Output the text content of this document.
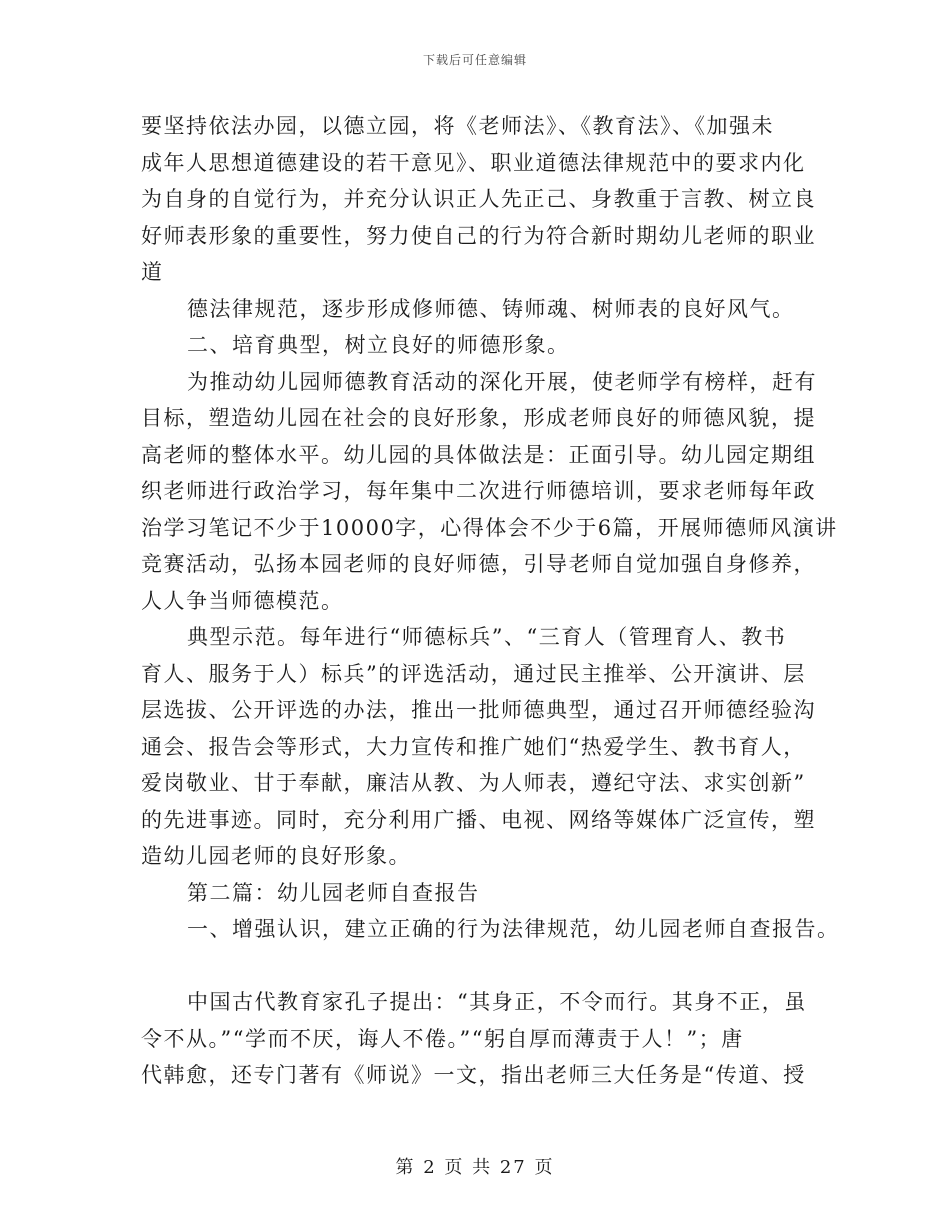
下载后可任意编辑
要坚持依法办园，以德立园，将《老师法》、《教育法》、《加强未
成年人思想道德建设的若干意见》、职业道德法律规范中的要求内化
为自身的自觉行为，并充分认识正人先正己、身教重于言教、树立良
好师表形象的重要性，努力使自己的行为符合新时期幼儿老师的职业
道
德法律规范，逐步形成修师德、铸师魂、树师表的良好风气。
二、培育典型，树立良好的师德形象。
为推动幼儿园师德教育活动的深化开展，使老师学有榜样，赶有
目标，塑造幼儿园在社会的良好形象，形成老师良好的师德风貌，提
高老师的整体水平。幼儿园的具体做法是：正面引导。幼儿园定期组
织老师进行政治学习，每年集中二次进行师德培训，要求老师每年政
治学习笔记不少于10000字，心得体会不少于6篇，开展师德师风演讲
竞赛活动，弘扬本园老师的良好师德，引导老师自觉加强自身修养，
人人争当师德模范。
典型示范。每年进行“师德标兵”、“三育人（管理育人、教书
育人、服务于人）标兵”的评选活动，通过民主推举、公开演讲、层
层选拔、公开评选的办法，推出一批师德典型，通过召开师德经验沟
通会、报告会等形式，大力宣传和推广她们“热爱学生、教书育人，
爱岗敬业、甘于奉献，廉洁从教、为人师表，遵纪守法、求实创新”
的先进事迹。同时，充分利用广播、电视、网络等媒体广泛宣传，塑
造幼儿园老师的良好形象。
第二篇：幼儿园老师自查报告
一、增强认识，建立正确的行为法律规范，幼儿园老师自查报告。
中国古代教育家孔子提出：“其身正，不令而行。其身不正，虽
令不从。”“学而不厌，诲人不倦。”“躬自厚而薄责于人！”；唐
代韩愈，还专门著有《师说》一文，指出老师三大任务是“传道、授
第 2 页 共 27 页
